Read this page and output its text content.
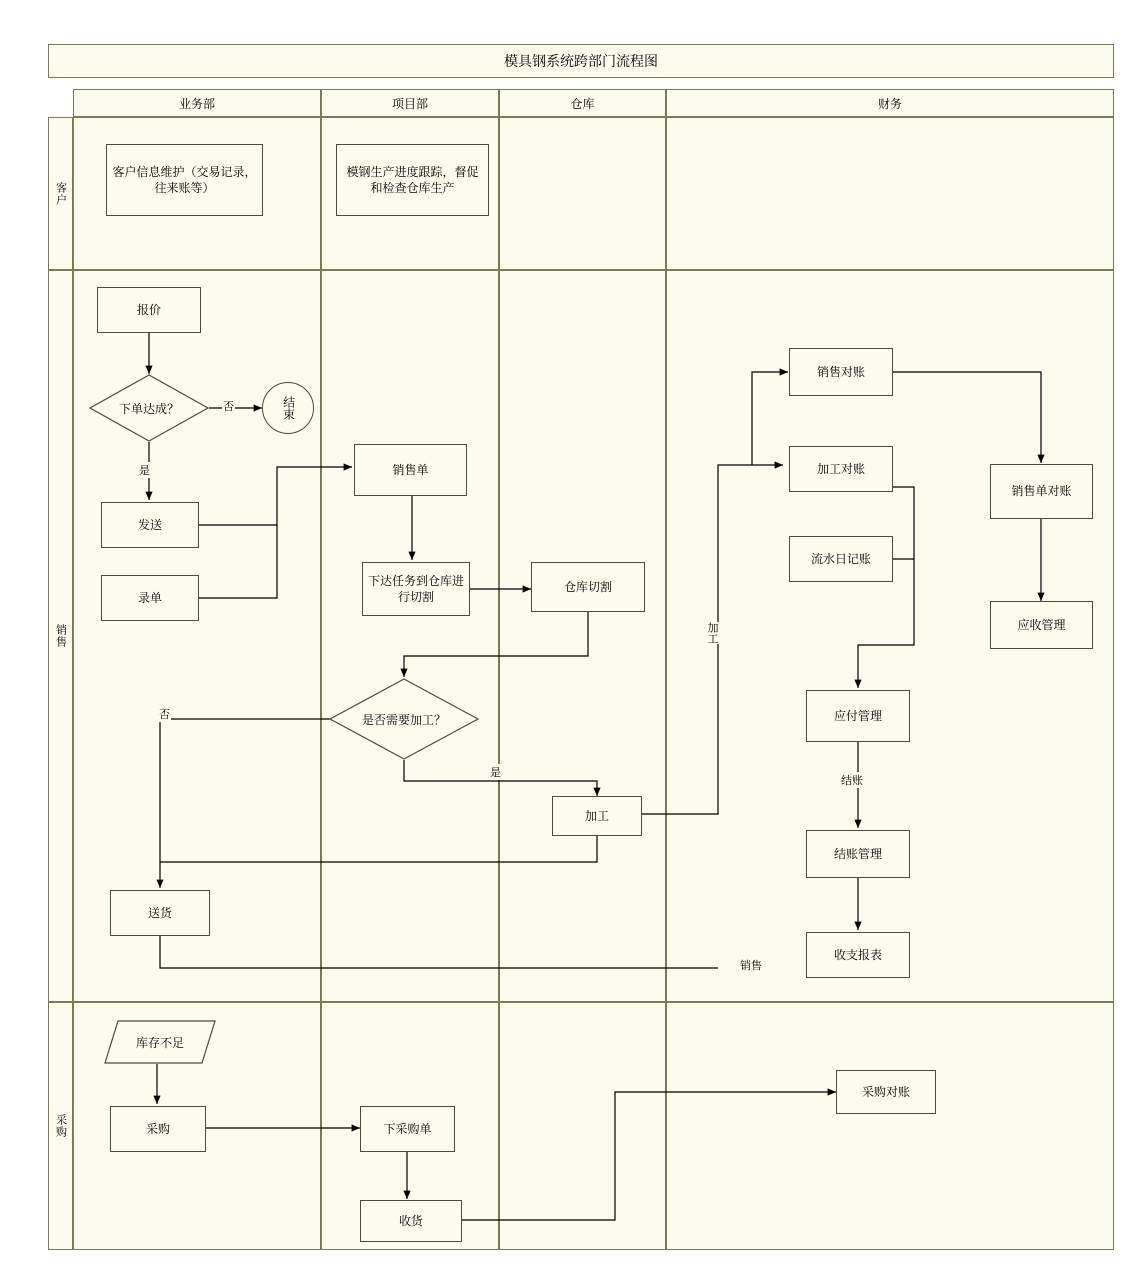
模具钢系统跨部门流程图
业务部	项目部	仓库	财务
客户
销售
采购
客户信息维护（交易记录，往来账等）
模钢生产进度跟踪，督促和检查仓库生产
报价
下单达成？	结束
发送
录单
销售单
下达任务到仓库进行切割
仓库切割
是否需要加工？
加工
送货
销售对账
加工对账
流水日记账
销售单对账
应收管理
应付管理
结账管理
收支报表
库存不足
采购	下采购单
收货
采购对账
否
是
否
是
加工
销售
结账
